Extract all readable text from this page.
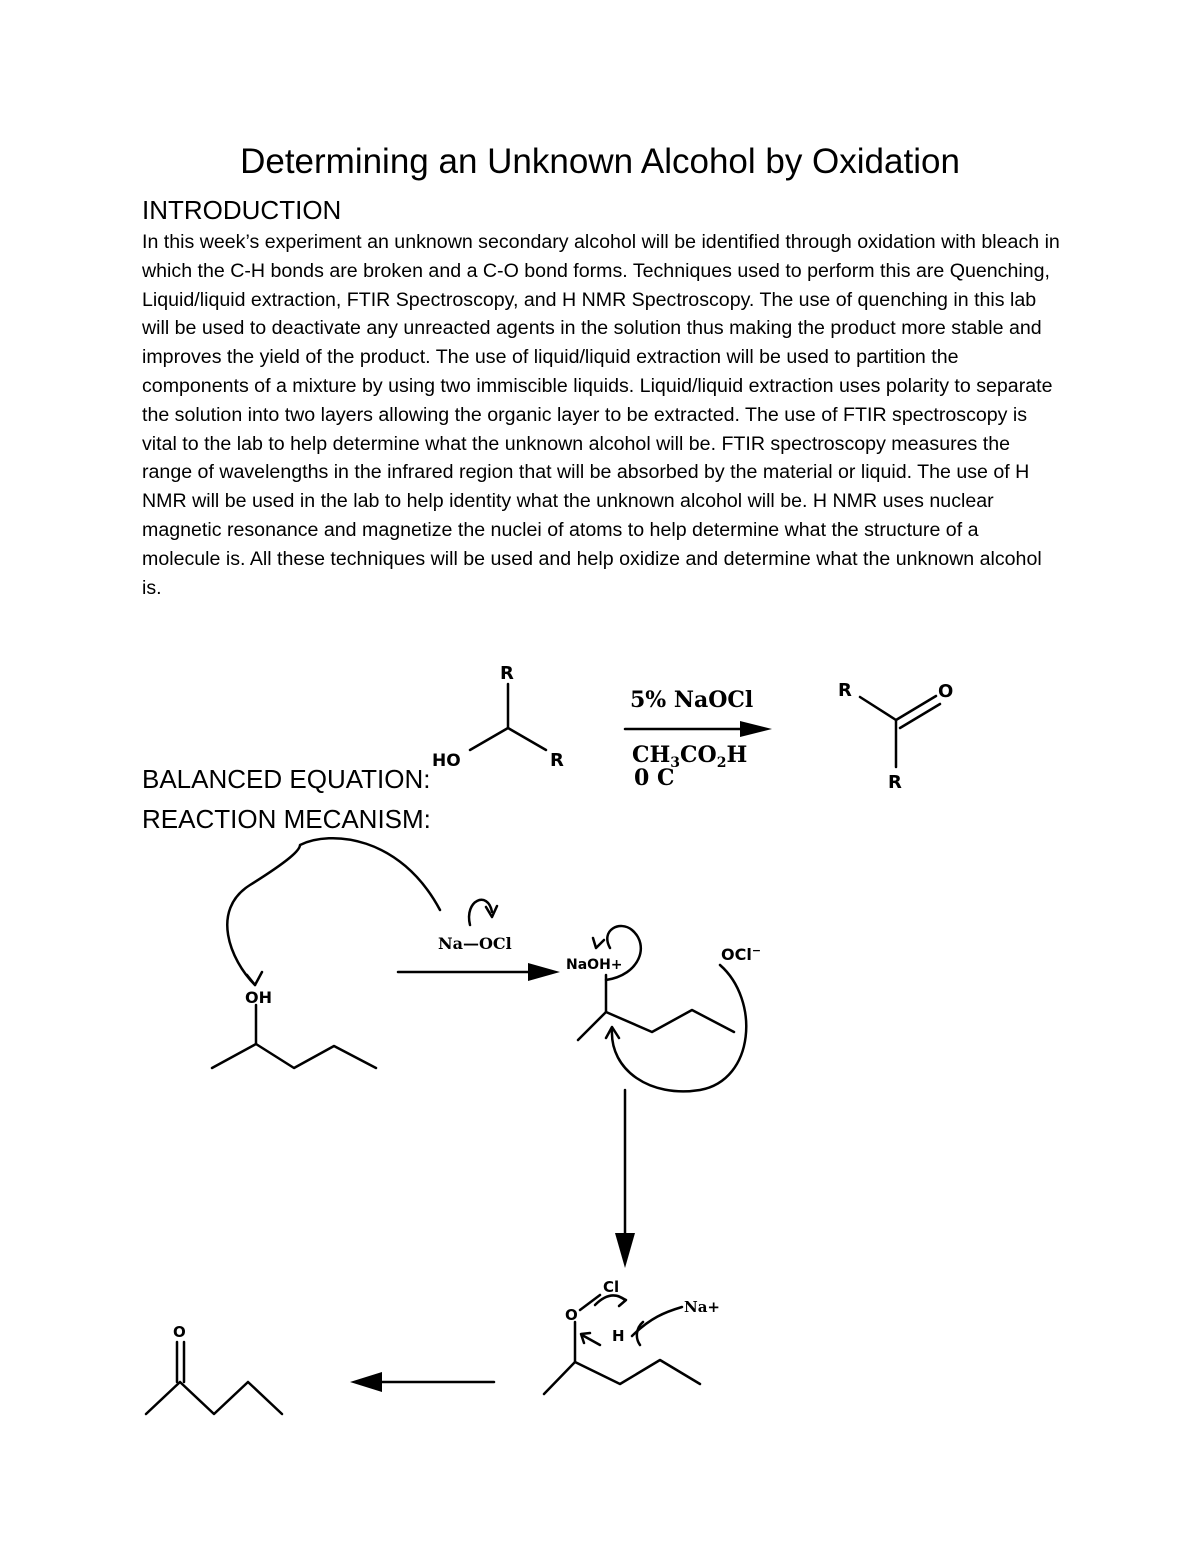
Determining an Unknown Alcohol by Oxidation
INTRODUCTION

In this week’s experiment an unknown secondary alcohol will be identified through oxidation with bleach in which the C-H bonds are broken and a C-O bond forms. Techniques used to perform this are Quenching, Liquid/liquid extraction, FTIR Spectroscopy, and H NMR Spectroscopy. The use of quenching in this lab will be used to deactivate any unreacted agents in the solution thus making the product more stable and improves the yield of the product. The use of liquid/liquid extraction will be used to partition the components of a mixture by using two immiscible liquids. Liquid/liquid extraction uses polarity to separate the solution into two layers allowing the organic layer to be extracted. The use of FTIR spectroscopy is vital to the lab to help determine what the unknown alcohol will be. FTIR spectroscopy measures the range of wavelengths in the infrared region that will be absorbed by the material or liquid. The use of H NMR will be used in the lab to help identity what the unknown alcohol will be. H NMR uses nuclear magnetic resonance and magnetize the nuclei of atoms to help determine what the structure of a molecule is. All these techniques will be used and help oxidize and determine what the unknown alcohol is.

BALANCED EQUATION:
REACTION MECANISM:
R
HO	R
5% NaOCl
$CH_3CO_2H$
0 C
R	O
R
Na—OCl
OH
NaOH+
OCl−
O
Cl
H
Na+
O
